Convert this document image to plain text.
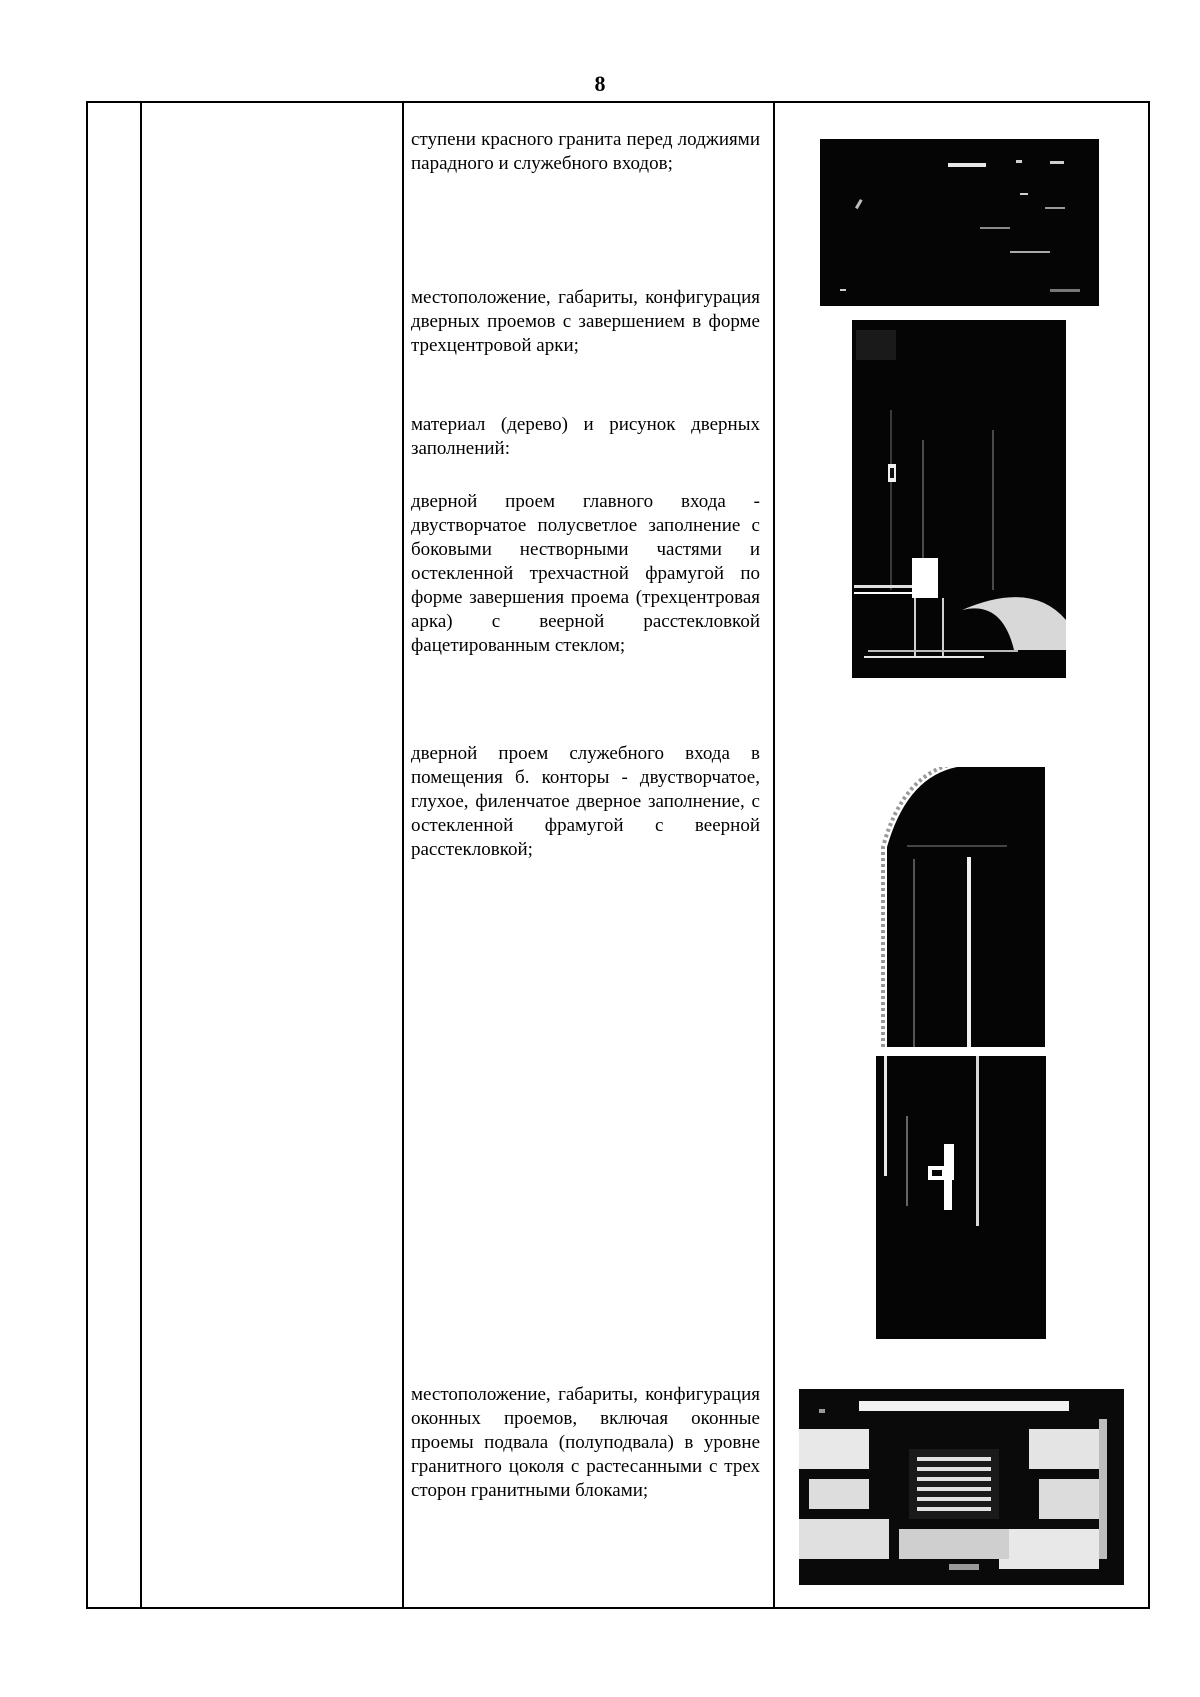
8
ступени красного гранита перед лоджиями парадного и служебного входов;
местоположение, габариты, конфигурация дверных проемов с завершением в форме трехцентровой арки;
материал (дерево) и рисунок дверных заполнений:
дверной проем главного входа - двустворчатое полусветлое заполнение с боковыми нестворными частями и остекленной трехчастной фрамугой по форме завершения проема (трехцентровая арка) с веерной расстекловкой фацетированным стеклом;
дверной проем служебного входа в помещения б. конторы - двустворчатое, глухое, филенчатое дверное заполнение, с остекленной фрамугой с веерной расстекловкой;
местоположение, габариты, конфигурация оконных проемов, включая оконные проемы подвала (полуподвала) в уровне гранитного цоколя с растесанными с трех сторон гранитными блоками;
